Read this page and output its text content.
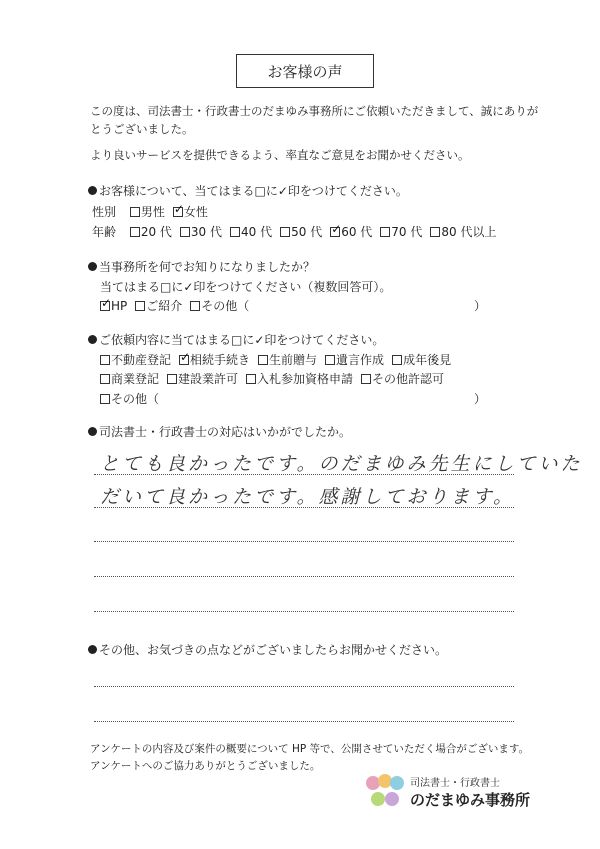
お客様の声
この度は、司法書士・行政書士のだまゆみ事務所にご依頼いただきまして、誠にありが
とうございました。
より良いサービスを提供できるよう、率直なご意見をお聞かせください。
お客様について、当てはまる□に✓印をつけてください。
性別 男性 ✓ 女性
年齢 20 代 30 代 40 代 50 代 ✓ 60 代 70 代 80 代以上
当事務所を何でお知りになりましたか？
当てはまる□に✓印をつけてください（複数回答可）。
✓HP ご紹介 その他（	）
ご依頼内容に当てはまる□に✓印をつけてください。
不動産登記 ✓ 相続手続き 生前贈与 遺言作成 成年後見
商業登記 建設業許可 入札参加資格申請 その他許認可
その他（	）
司法書士・行政書士の対応はいかがでしたか。
とても良かったです。のだまゆみ先生にしていた
だいて良かったです。感謝しております。
その他、お気づきの点などがございましたらお聞かせください。
アンケートの内容及び案件の概要について HP 等で、公開させていただく場合がございます。
アンケートへのご協力ありがとうございました。
司法書士・行政書士
のだまゆみ事務所
